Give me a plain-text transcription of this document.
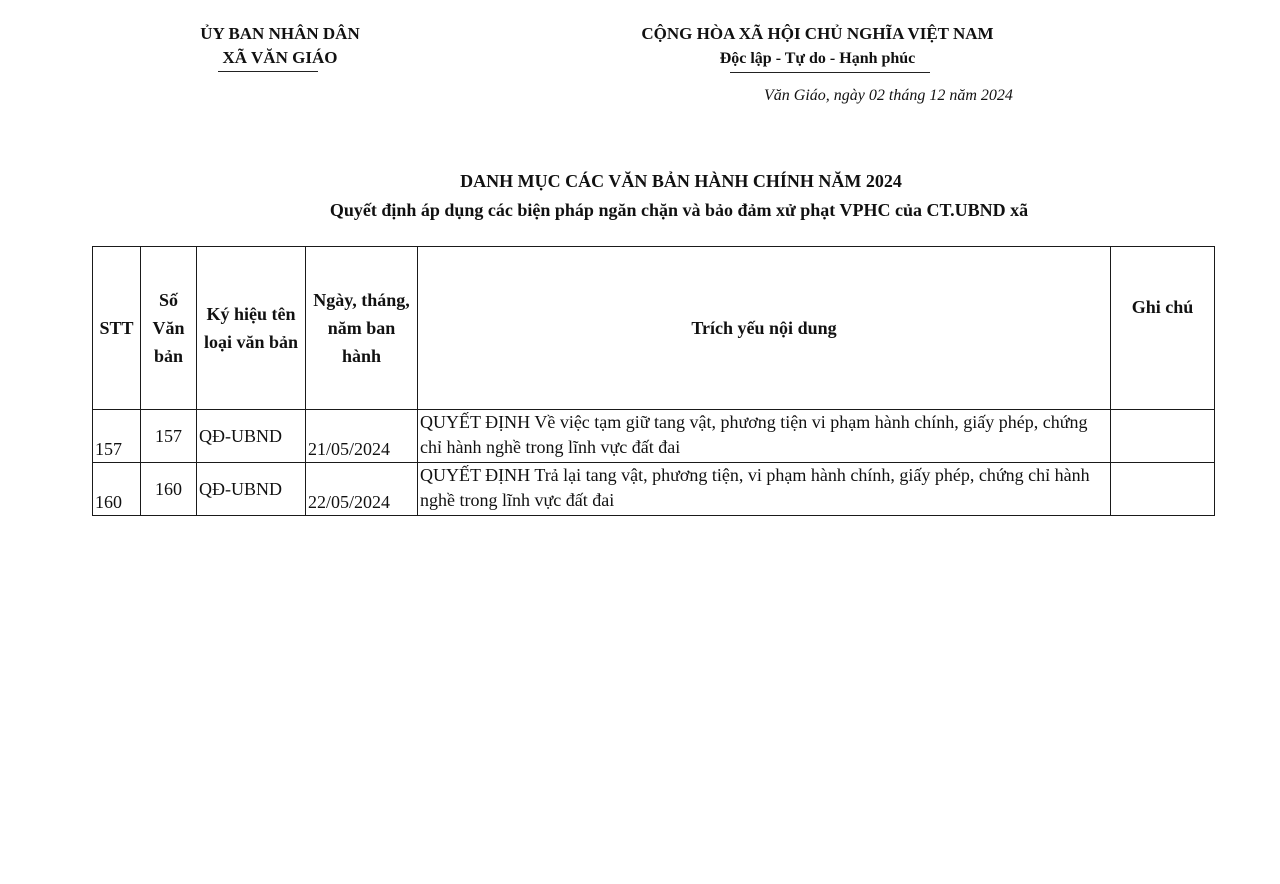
ỦY BAN NHÂN DÂN
XÃ VĂN GIÁO
CỘNG HÒA XÃ HỘI CHỦ NGHĨA VIỆT NAM
Độc lập - Tự do - Hạnh phúc
Văn Giáo, ngày 02 tháng 12 năm 2024
DANH MỤC CÁC VĂN BẢN HÀNH CHÍNH NĂM 2024
Quyết định áp dụng các biện pháp ngăn chặn và bảo đảm xử phạt VPHC của CT.UBND xã
STT	Số Văn bản	Ký hiệu tên loại văn bản	Ngày, tháng, năm ban hành	Trích yếu nội dung	Ghi chú
157	157	QĐ-UBND	21/05/2024	QUYẾT ĐỊNH Về việc tạm giữ tang vật, phương tiện vi phạm hành chính, giấy phép, chứng chỉ hành nghề trong lĩnh vực đất đai	
160	160	QĐ-UBND	22/05/2024	QUYẾT ĐỊNH Trả lại tang vật, phương tiện, vi phạm hành chính, giấy phép, chứng chỉ hành nghề trong lĩnh vực đất đai	
